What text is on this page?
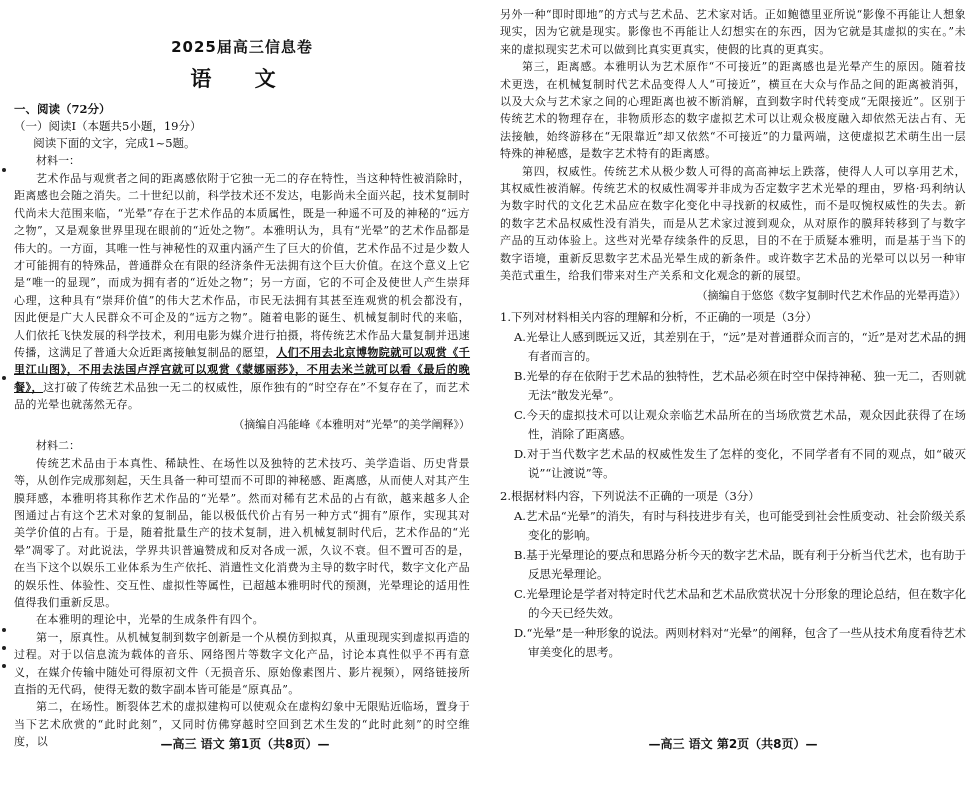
2025届高三信息卷
语 文

一、阅读（72分）

（一）阅读Ⅰ（本题共5小题，19分）

阅读下面的文字，完成1~5题。

材料一：

艺术作品与观赏者之间的距离感依附于它独一无二的存在特性，当这种特性被消除时，距离感也会随之消失。二十世纪以前，科学技术还不发达，电影尚未全面兴起，技术复制时代尚未大范围来临，“光晕”存在于艺术作品的本质属性，既是一种遥不可及的神秘的“远方之物”，又是观象世界里现在眼前的“近处之物”。本雅明认为，具有“光晕”的艺术作品都是伟大的。一方面，其唯一性与神秘性的双重内涵产生了巨大的价值，艺术作品不过是少数人才可能拥有的特殊品，普通群众在有限的经济条件无法拥有这个巨大价值。在这个意义上它是“唯一的显现”，而成为拥有者的“近处之物”；另一方面，它的不可企及使世人产生崇拜心理，这种具有“崇拜价值”的伟大艺术作品，市民无法拥有其甚至连观赏的机会都没有，因此便是广大人民群众不可企及的“远方之物”。随着电影的诞生、机械复制时代的来临，人们依托飞快发展的科学技术，利用电影为媒介进行拍摄，将传统艺术作品大量复制并迅速传播，这满足了普通大众近距离接触复制品的愿望，人们不用去北京博物院就可以观赏《千里江山图》，不用去法国卢浮宫就可以观赏《蒙娜丽莎》，不用去米兰就可以看《最后的晚餐》，这打破了传统艺术品独一无二的权威性，原作独有的“时空存在”不复存在了，而艺术品的光晕也就荡然无存。

（摘编自冯能峰《本雅明对“光晕”的美学阐释》）

材料二：

传统艺术品由于本真性、稀缺性、在场性以及独特的艺术技巧、美学造诣、历史背景等，从创作完成那刻起，天生具备一种可望而不可即的神秘感、距离感，从而使人对其产生膜拜感，本雅明将其称作艺术作品的“光晕”。然而对稀有艺术品的占有欲，越来越多人企图通过占有这个艺术对象的复制品，能以极低代价占有另一种方式“拥有”原作，实现其对美学价值的占有。于是，随着批量生产的技术复制，进入机械复制时代后，艺术作品的“光晕”凋零了。对此说法，学界共识普遍赞成和反对各成一派，久议不衰。但不置可否的是，在当下这个以娱乐工业体系为生产依托、消遣性文化消费为主导的数字时代，数字文化产品的娱乐性、体验性、交互性、虚拟性等属性，已超越本雅明时代的预测，光晕理论的适用性值得我们重新反思。

在本雅明的理论中，光晕的生成条件有四个。

第一，原真性。从机械复制到数字创新是一个从模仿到拟真，从重现现实到虚拟再造的过程。对于以信息流为载体的音乐、网络图片等数字文化产品，讨论本真性似乎不再有意义，在媒介传输中随处可得原初文件（无损音乐、原始像素图片、影片视频），网络链接所直指的无代码，使得无数的数字副本皆可能是“原真品”。

第二，在场性。断裂体艺术的虚拟建构可以使观众在虚构幻象中无限贴近临场，置身于当下艺术欣赏的“此时此刻”，又同时仿佛穿越时空回到艺术生发的“此时此刻”的时空维度，以	—高三 语文 第1页（共8页）—

另外一种“即时即地”的方式与艺术品、艺术家对话。正如鲍德里亚所说“影像不再能让人想象现实，因为它就是现实。影像也不再能让人幻想实在的东西，因为它就是其虚拟的实在。”未来的虚拟现实艺术可以做到比真实更真实，使假的比真的更真实。

第三，距离感。本雅明认为艺术原作“不可接近”的距离感也是光晕产生的原因。随着技术更迭，在机械复制时代艺术品变得人人“可接近”，横亘在大众与作品之间的距离被消弭，以及大众与艺术家之间的心理距离也被不断消解，直到数字时代转变成“无限接近”。区别于传统艺术的物理存在，非物质形态的数字虚拟艺术可以让观众极度融入却依然无法占有、无法接触，始终游移在“无限靠近”却又依然“不可接近”的力量两端，这使虚拟艺术萌生出一层特殊的神秘感，是数字艺术特有的距离感。

第四，权威性。传统艺术从极少数人可得的高高神坛上跌落，使得人人可以享用艺术，其权威性被消解。传统艺术的权威性凋零并非成为否定数字艺术光晕的理由，罗格·玛利纳认为数字时代的文化艺术品应在数字化变化中寻找新的权威性，而不是叹惋权威性的失去。新的数字艺术品权威性没有消失，而是从艺术家过渡到观众，从对原作的膜拜转移到了与数字产品的互动体验上。这些对光晕存续条件的反思，目的不在于质疑本雅明，而是基于当下的数字语境，重新反思数字艺术品光晕生成的新条件。或许数字艺术品的光晕可以以另一种审美范式重生，给我们带来对生产关系和文化观念的新的展望。

（摘编自于悠悠《数字复制时代艺术作品的光晕再造》）

1.下列对材料相关内容的理解和分析，不正确的一项是（3分）

A.光晕让人感到既远又近，其差别在于，“远”是对普通群众而言的，“近”是对艺术品的拥有者而言的。

B.光晕的存在依附于艺术品的独特性，艺术品必须在时空中保持神秘、独一无二，否则就无法“散发光晕”。

C.今天的虚拟技术可以让观众亲临艺术品所在的当场欣赏艺术品，观众因此获得了在场性，消除了距离感。

D.对于当代数字艺术品的权威性发生了怎样的变化，不同学者有不同的观点，如“破灭说”“让渡说”等。

2.根据材料内容，下列说法不正确的一项是（3分）

A.艺术品“光晕”的消失，有时与科技进步有关，也可能受到社会性质变动、社会阶级关系变化的影响。

B.基于光晕理论的要点和思路分析今天的数字艺术品，既有利于分析当代艺术，也有助于反思光晕理论。

C.光晕理论是学者对特定时代艺术品和艺术品欣赏状况十分形象的理论总结，但在数字化的今天已经失效。

D.“光晕”是一种形象的说法。两则材料对“光晕”的阐释，包含了一些从技术角度看待艺术审美变化的思考。

—高三 语文 第2页（共8页）—
